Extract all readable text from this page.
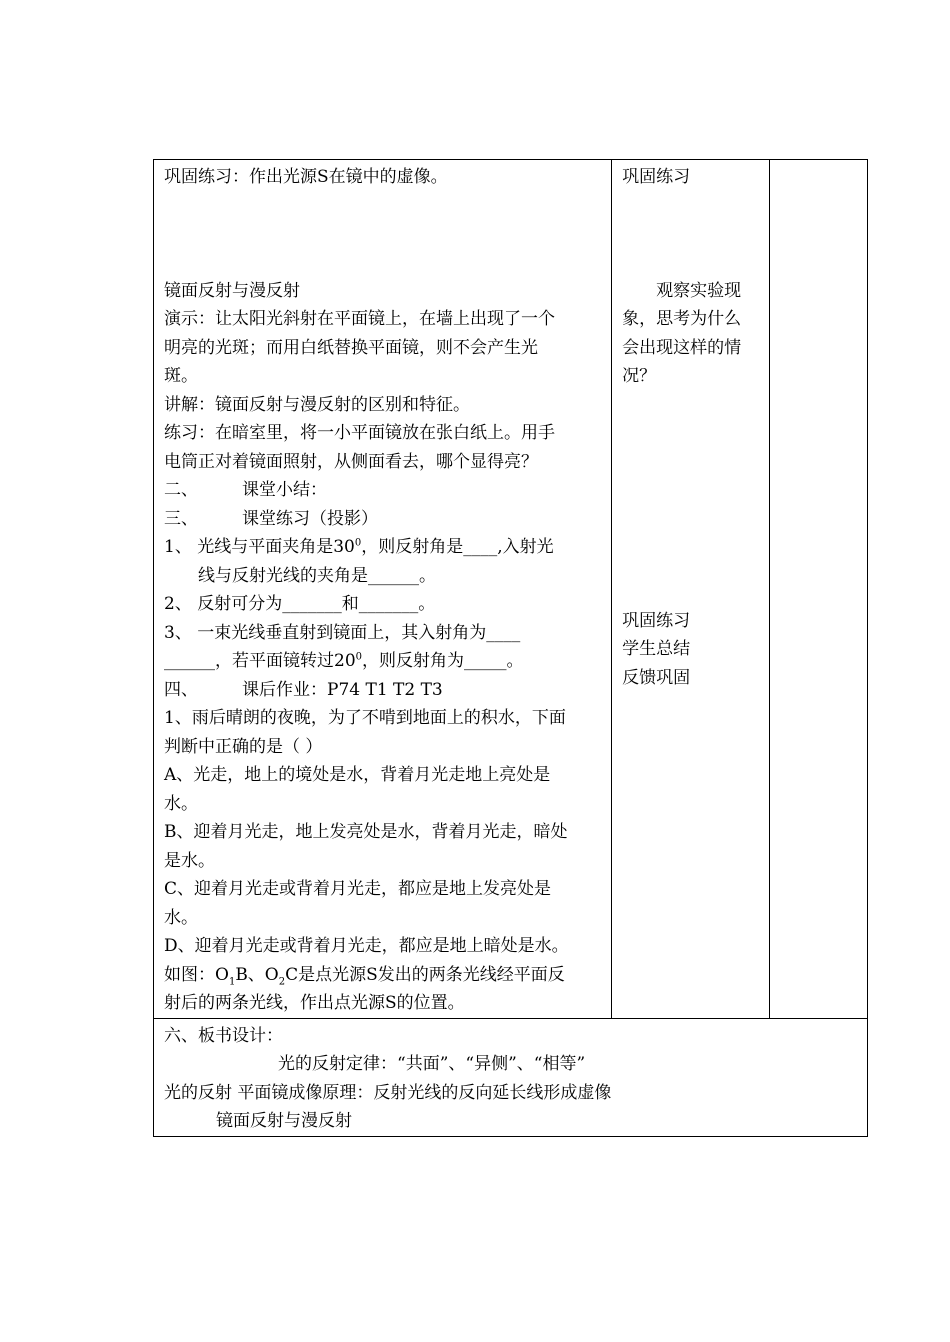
巩固练习：作出光源S在镜中的虚像。
镜面反射与漫反射
演示：让太阳光斜射在平面镜上，在墙上出现了一个
明亮的光斑；而用白纸替换平面镜，则不会产生光
斑。
讲解：镜面反射与漫反射的区别和特征。
练习：在暗室里，将一小平面镜放在张白纸上。用手
电筒正对着镜面照射，从侧面看去，哪个显得亮？
二、	课堂小结：
三、	课堂练习（投影）
1、 光线与平面夹角是$30^0$，则反射角是____,入射光
线与反射光线的夹角是______。
2、 反射可分为_______和_______。
3、 一束光线垂直射到镜面上，其入射角为____
______，若平面镜转过$20^0$，则反射角为_____。
四、	课后作业：P74 T1 T2 T3
1、雨后晴朗的夜晚，为了不啃到地面上的积水，下面
判断中正确的是（ ）
A、光走，地上的境处是水，背着月光走地上亮处是
水。
B、迎着月光走，地上发亮处是水，背着月光走，暗处
是水。
C、迎着月光走或背着月光走，都应是地上发亮处是
水。
D、迎着月光走或背着月光走，都应是地上暗处是水。
如图：$O_1B$、$O_2C$是点光源S发出的两条光线经平面反
射后的两条光线，作出点光源S的位置。

巩固练习
观察实验现
象，思考为什么
会出现这样的情
况？
巩固练习
学生总结
反馈巩固

六、板书设计：
光的反射定律：“共面”、“异侧”、“相等”
光的反射 平面镜成像原理：反射光线的反向延长线形成虚像
镜面反射与漫反射
